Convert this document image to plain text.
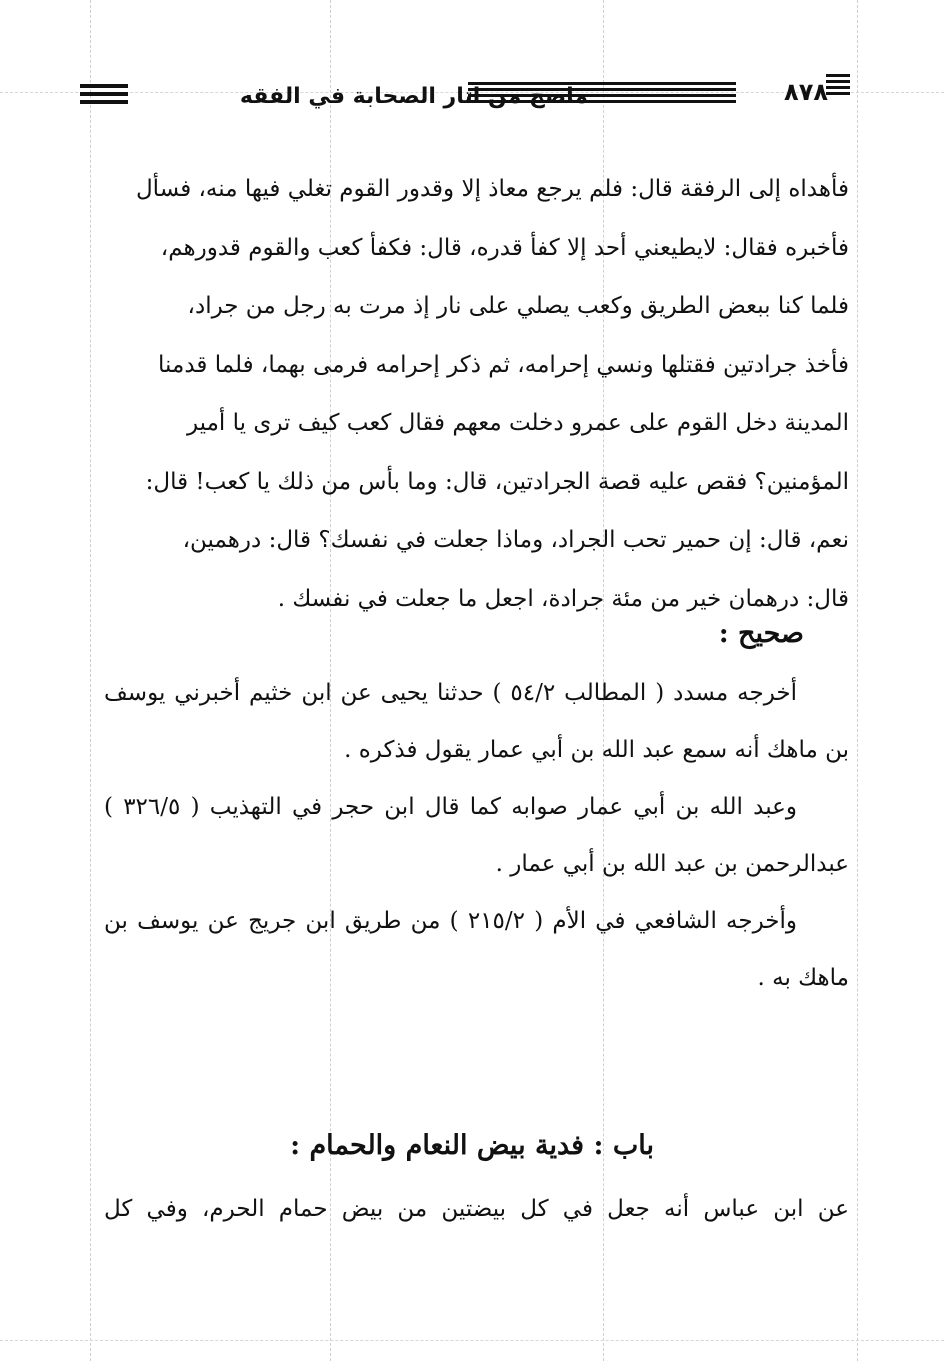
٨٧٨
ماصح من آثار الصحابة في الفقه

فأهداه إلى الرفقة قال: فلم يرجع معاذ إلا وقدور القوم تغلي فيها منه، فسأل

فأخبره فقال: لايطيعني أحد إلا كفأ قدره، قال: فكفأ كعب والقوم قدورهم،

فلما كنا ببعض الطريق وكعب يصلي على نار إذ مرت به رجل من جراد،

فأخذ جرادتين فقتلها ونسي إحرامه، ثم ذكر إحرامه فرمى بهما، فلما قدمنا

المدينة دخل القوم على عمرو دخلت معهم فقال كعب كيف ترى يا أمير

المؤمنين؟ فقص عليه قصة الجرادتين، قال: وما بأس من ذلك يا كعب! قال:

نعم، قال: إن حمير تحب الجراد، وماذا جعلت في نفسك؟ قال: درهمين،

قال: درهمان خير من مئة جرادة، اجعل ما جعلت في نفسك .

صحيح :

أخرجه مسدد ( المطالب ٥٤/٢ ) حدثنا يحيى عن ابن خثيم أخبرني يوسف بن ماهك أنه سمع عبد الله بن أبي عمار يقول فذكره .

وعبد الله بن أبي عمار صوابه كما قال ابن حجر في التهذيب ( ٣٢٦/٥ ) عبدالرحمن بن عبد الله بن أبي عمار .

وأخرجه الشافعي في الأم ( ٢١٥/٢ ) من طريق ابن جريج عن يوسف بن ماهك به .

باب : فدية بيض النعام والحمام :

عن ابن عباس أنه جعل في كل بيضتين من بيض حمام الحرم، وفي كل
